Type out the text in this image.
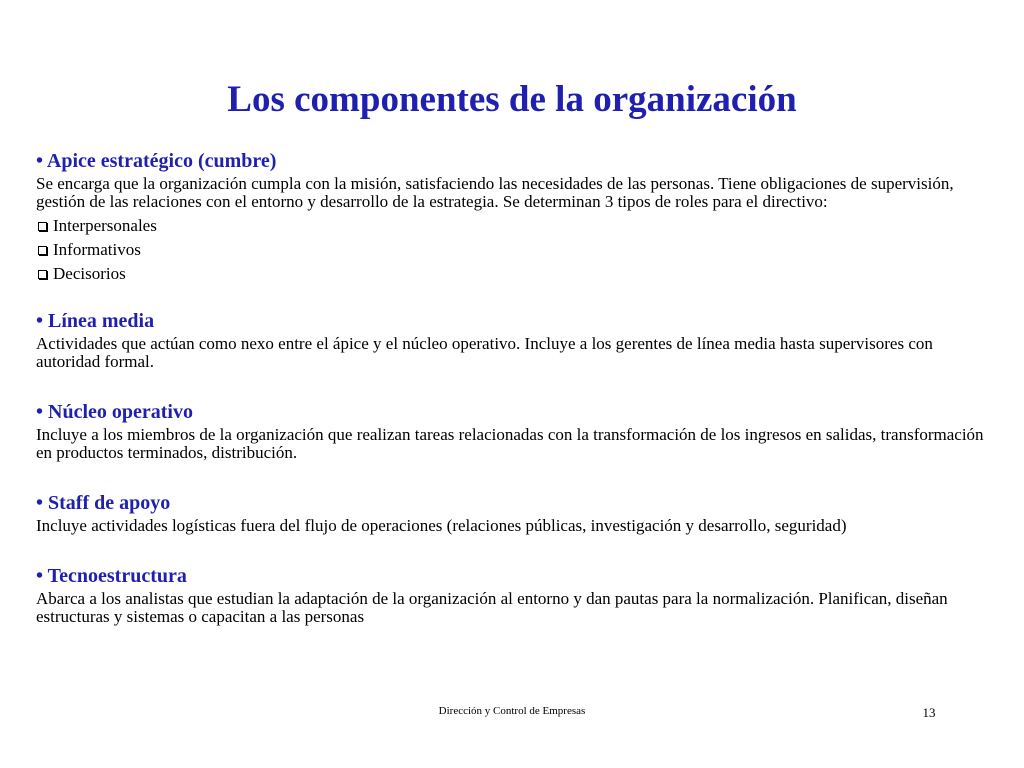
Los componentes de la organización

• Apice estratégico (cumbre)

Se encarga que la organización cumpla con la misión, satisfaciendo las necesidades de las personas. Tiene obligaciones de supervisión, gestión de las relaciones con el entorno y desarrollo de la estrategia. Se determinan 3 tipos de roles para el directivo:

Interpersonales
Informativos
Decisorios

• Línea media

Actividades que actúan como nexo entre el ápice y el núcleo operativo. Incluye a los gerentes de línea media hasta supervisores con autoridad formal.

• Núcleo operativo

Incluye a los miembros de la organización que realizan tareas relacionadas con la transformación de los ingresos en salidas, transformación en productos terminados, distribución.

• Staff de apoyo

Incluye actividades logísticas fuera del flujo de operaciones (relaciones públicas, investigación y desarrollo, seguridad)

• Tecnoestructura

Abarca a los analistas que estudian la adaptación de la organización al entorno y dan pautas para la normalización. Planifican, diseñan estructuras y sistemas o capacitan a las personas

Dirección y Control de Empresas	13
